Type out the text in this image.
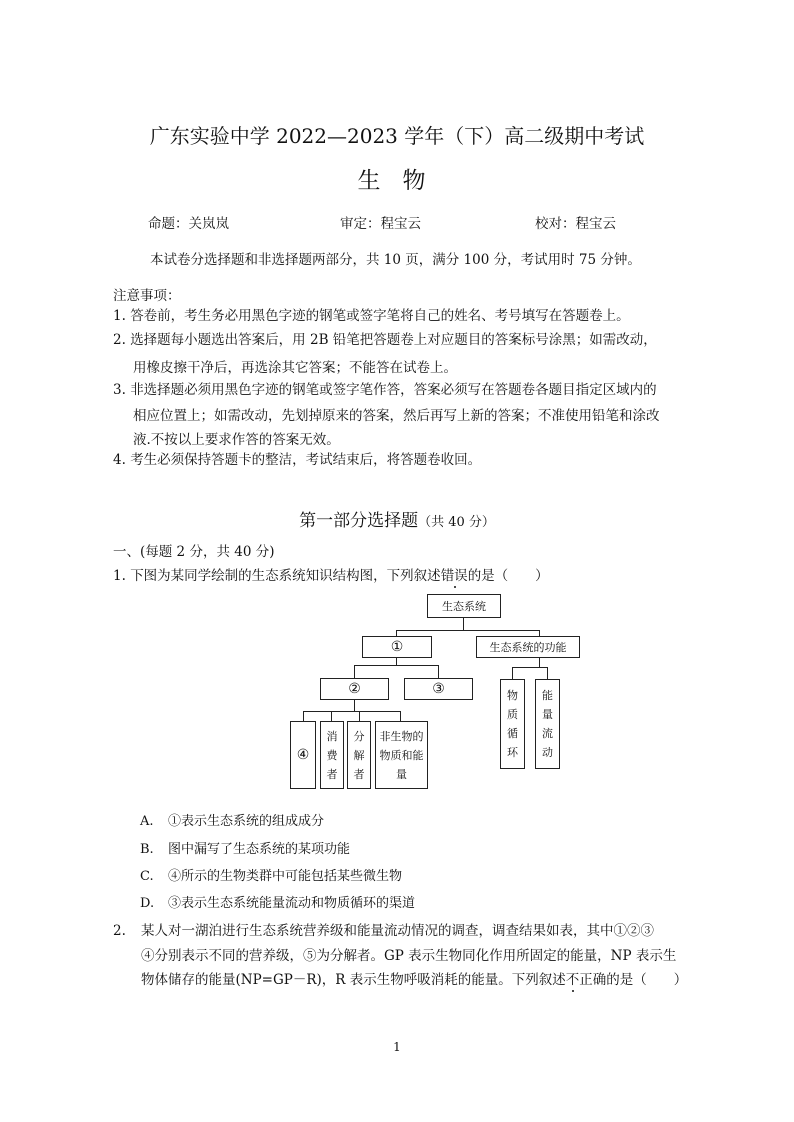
广东实验中学 2022—2023 学年（下）高二级期中考试
生物
命题：关岚岚	审定：程宝云	校对：程宝云
本试卷分选择题和非选择题两部分，共 10 页，满分 100 分，考试用时 75 分钟。
注意事项：
1. 答卷前，考生务必用黑色字迹的钢笔或签字笔将自己的姓名、考号填写在答题卷上。
2. 选择题每小题选出答案后，用 2B 铅笔把答题卷上对应题目的答案标号涂黑；如需改动，
用橡皮擦干净后，再选涂其它答案；不能答在试卷上。
3. 非选择题必须用黑色字迹的钢笔或签字笔作答，答案必须写在答题卷各题目指定区域内的
相应位置上；如需改动，先划掉原来的答案，然后再写上新的答案；不准使用铅笔和涂改
液.不按以上要求作答的答案无效。
4. 考生必须保持答题卡的整洁，考试结束后，将答题卷收回。
第一部分选择题（共 40 分）
一、(每题 2 分，共 40 分)
1. 下图为某同学绘制的生态系统知识结构图，下列叙述错误的是（　　）
生态系统
①	生态系统的功能
②	③
④
消
费
者
分
解
者
非生物的
物质和能
量
物
质
循
环
能
量
流
动
A. ①表示生态系统的组成成分
B. 图中漏写了生态系统的某项功能
C. ④所示的生物类群中可能包括某些微生物
D. ③表示生态系统能量流动和物质循环的渠道
2. 某人对一湖泊进行生态系统营养级和能量流动情况的调查，调查结果如表，其中①②③
④分别表示不同的营养级，⑤为分解者。GP 表示生物同化作用所固定的能量，NP 表示生
物体储存的能量(NP=GP－R)，R 表示生物呼吸消耗的能量。下列叙述不正确的是（　　）
1
